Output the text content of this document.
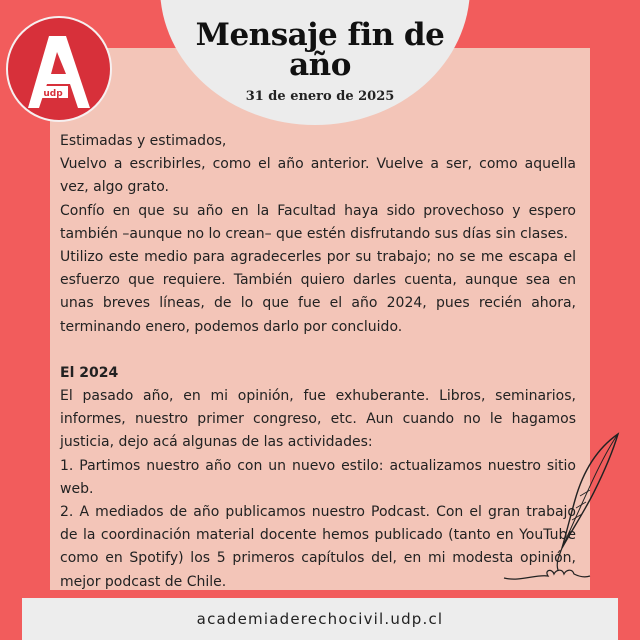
Mensaje fin de
año
31 de enero de 2025
udp

Estimadas y estimados,

Vuelvo a escribirles, como el año anterior. Vuelve a ser, como aquella vez, algo grato.

Confío en que su año en la Facultad haya sido provechoso y espero también –aunque no lo crean– que estén disfrutando sus días sin clases.

Utilizo este medio para agradecerles por su trabajo; no se me escapa el esfuerzo que requiere. También quiero darles cuenta, aunque sea en unas breves líneas, de lo que fue el año 2024, pues recién ahora, terminando enero, podemos darlo por concluido.

El 2024

El pasado año, en mi opinión, fue exhuberante. Libros, seminarios, informes, nuestro primer congreso, etc. Aun cuando no le hagamos justicia, dejo acá algunas de las actividades:

1. Partimos nuestro año con un nuevo estilo: actualizamos nuestro sitio web.

2. A mediados de año publicamos nuestro Podcast. Con el gran trabajo de la coordinación material docente hemos publicado (tanto en YouTube como en Spotify) los 5 primeros capítulos del, en mi modesta opinión, mejor podcast de Chile.

academiaderechocivil.udp.cl
